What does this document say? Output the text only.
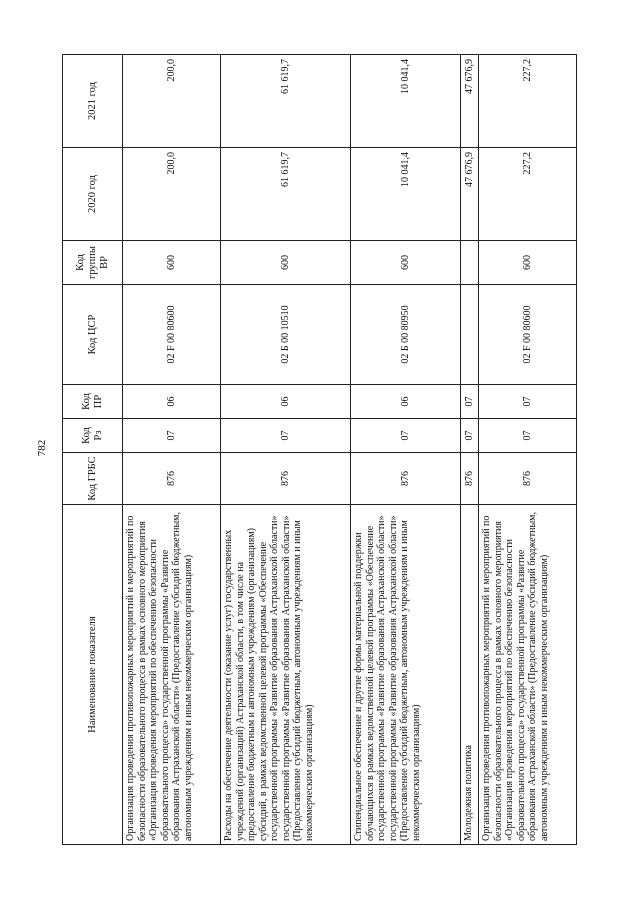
782
Наименование показателя	Код ГРБС	Код Рз	Код ПР	Код ЦСР	Код группы ВР	2020 год	2021 год
Организация проведения противопожарных мероприятий и мероприятий по безопасности образовательного процесса в рамках основного мероприятия «Организация проведения мероприятий по обеспечению безопасности образовательного процесса» государственной программы «Развитие образования Астраханской области» (Предоставление субсидий бюджетным, автономным учреждениям и иным некоммерческим организациям)	876	07	06	02 F 00 80600	600	200,0	200,0
Расходы на обеспечение деятельности (оказание услуг) государственных учреждений (организаций) Астраханской области, в том числе на предоставление бюджетным и автономным учреждениям (организациям) субсидий, в рамках ведомственной целевой программы «Обеспечение государственной программы «Развитие образования Астраханской области» государственной программы «Развитие образования Астраханской области» (Предоставление субсидий бюджетным, автономным учреждениям и иным некоммерческим организациям)	876	07	06	02 Б 00 10510	600	61 619,7	61 619,7
Стипендиальное обеспечение и другие формы материальной поддержки обучающихся в рамках ведомственной целевой программы «Обеспечение государственной программы «Развитие образования Астраханской области» государственной программы «Развитие образования Астраханской области» (Предоставление субсидий бюджетным, автономным учреждениям и иным некоммерческим организациям)	876	07	06	02 Б 00 80950	600	10 041,4	10 041,4
Молодежная политика	876	07	07			47 676,9	47 676,9
Организация проведения противопожарных мероприятий и мероприятий по безопасности образовательного процесса в рамках основного мероприятия «Организация проведения мероприятий по обеспечению безопасности образовательного процесса» государственной программы «Развитие образования Астраханской области» (Предоставление субсидий бюджетным, автономным учреждениям и иным некоммерческим организациям)	876	07	07	02 F 00 80600	600	227,2	227,2
